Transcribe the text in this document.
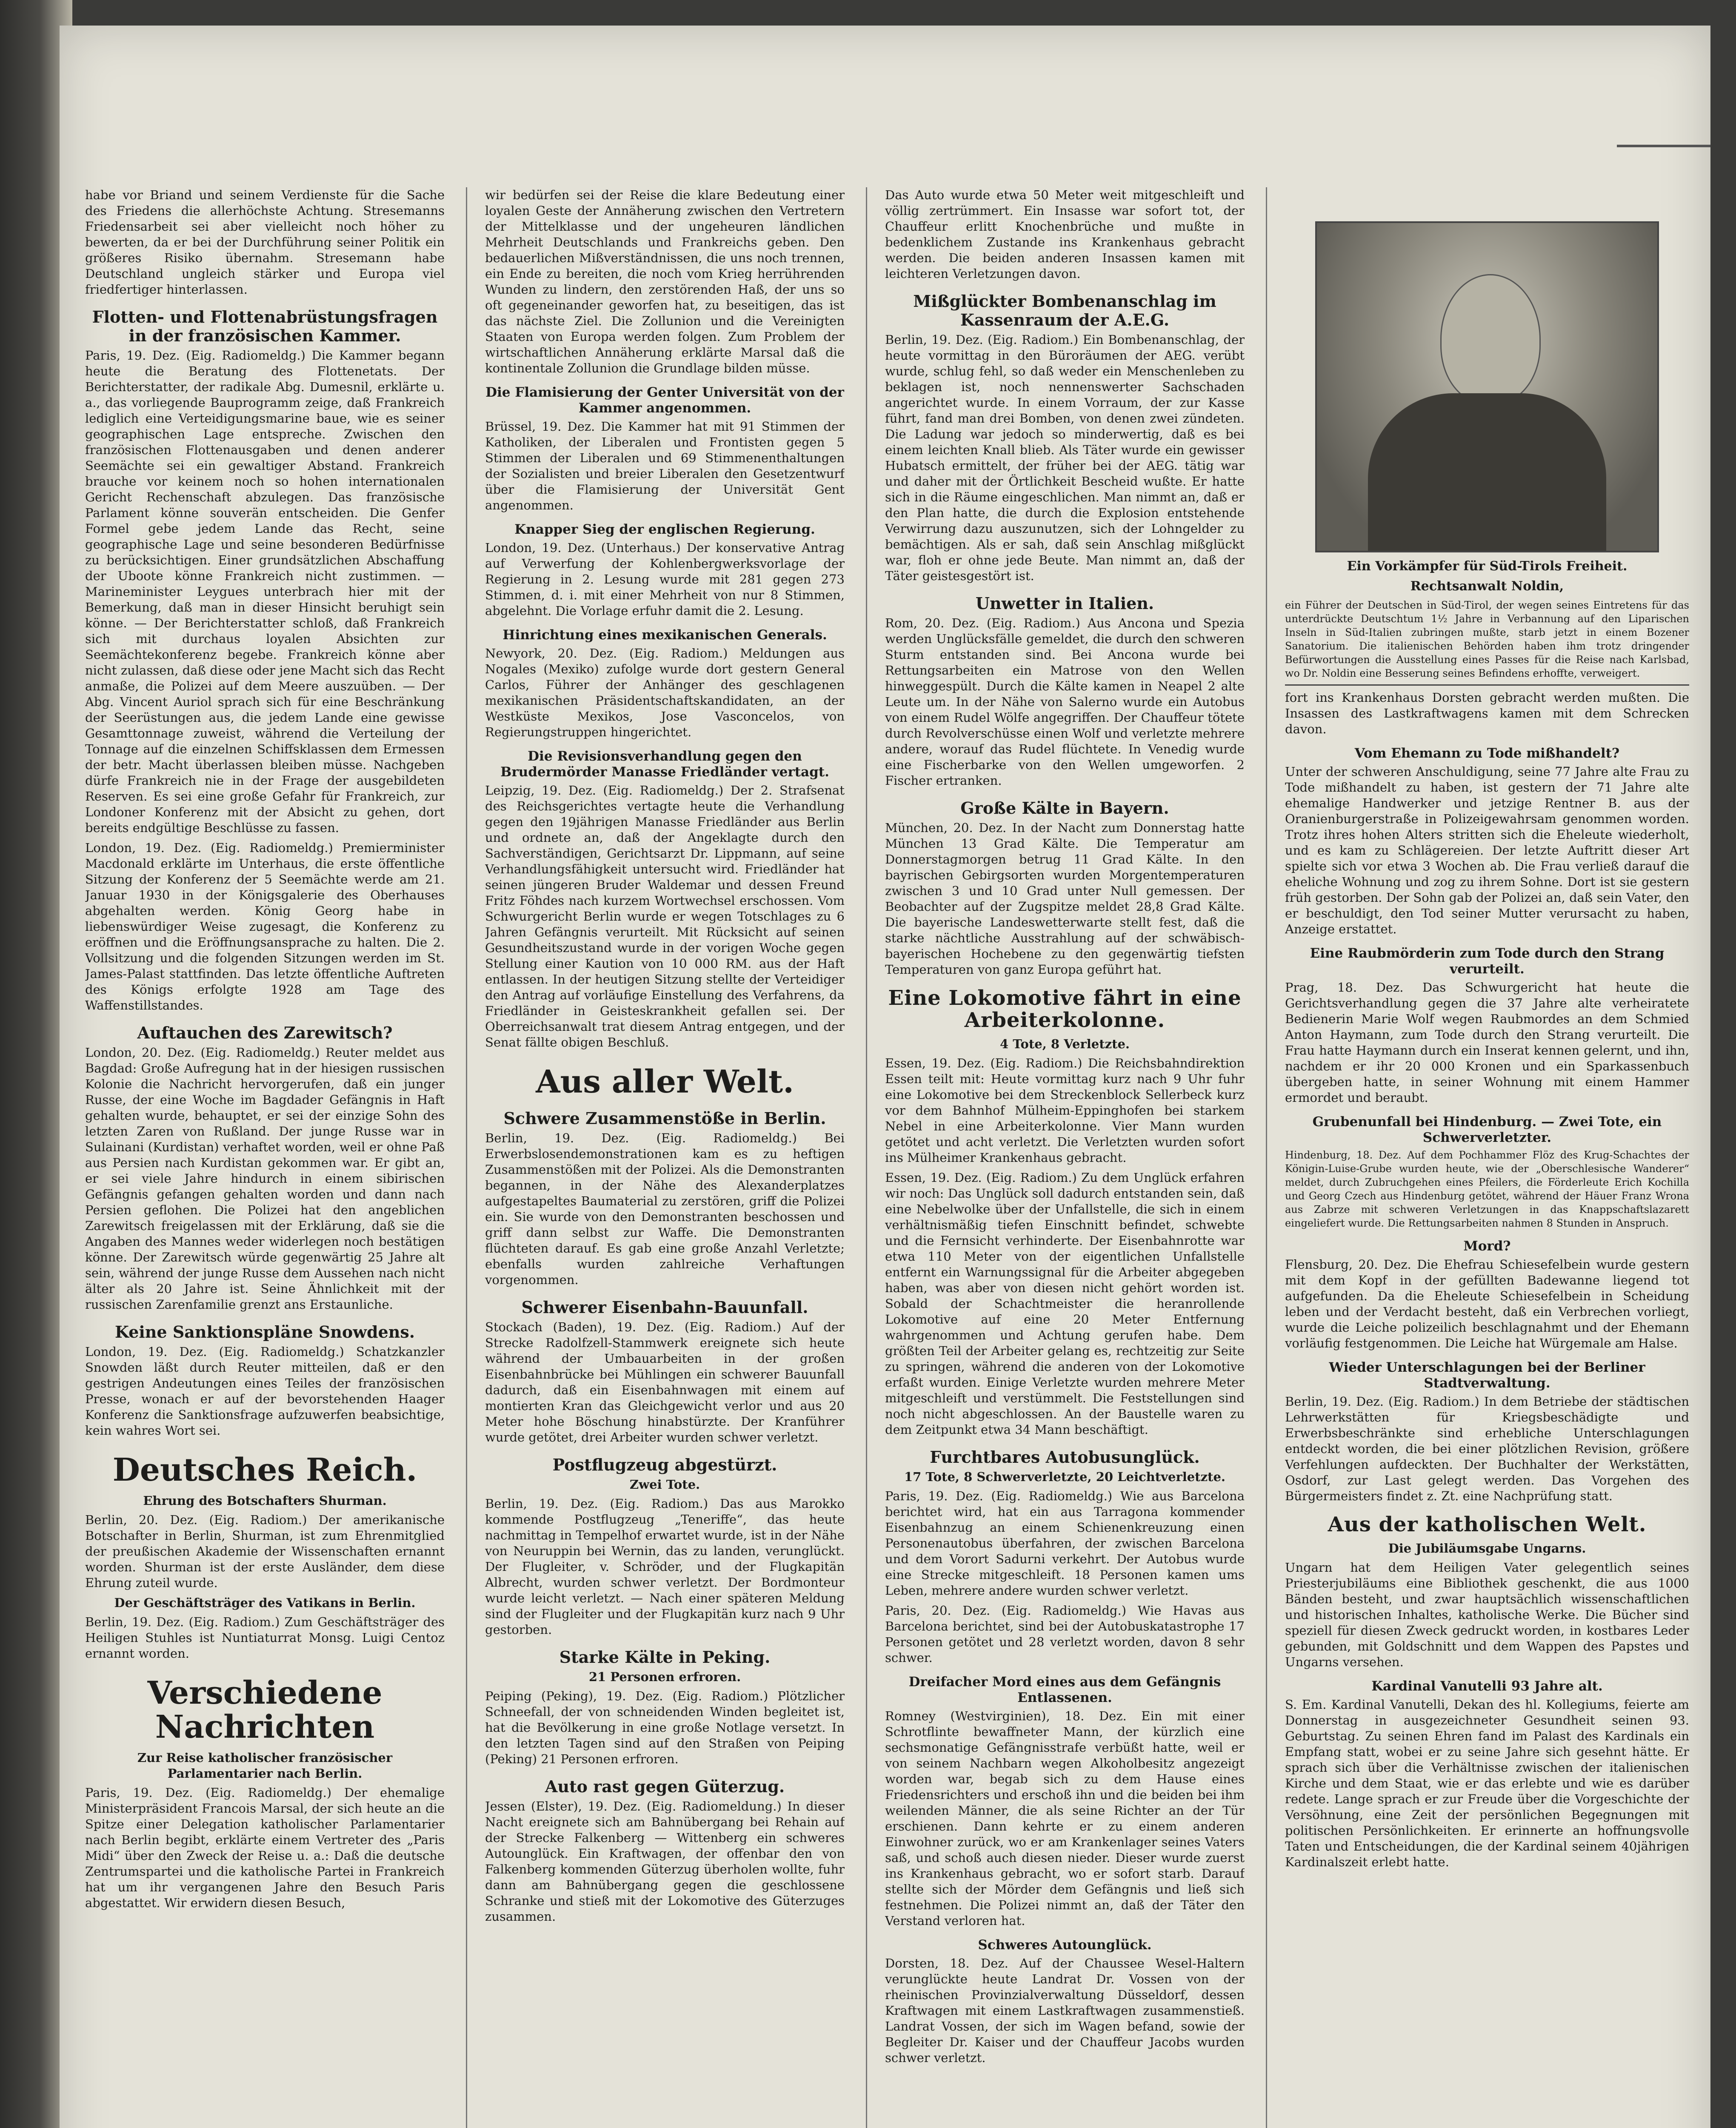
habe vor Briand und seinem Verdienste für die Sache des Friedens die allerhöchste Achtung. Stresemanns Friedensarbeit sei aber vielleicht noch höher zu bewerten, da er bei der Durchführung seiner Politik ein größeres Risiko übernahm. Stresemann habe Deutschland ungleich stärker und Europa viel friedfertiger hinterlassen.

Flotten- und Flottenabrüstungsfragen in der französischen Kammer.

Paris, 19. Dez. (Eig. Radiomeldg.) Die Kammer begann heute die Beratung des Flottenetats. Der Berichterstatter, der radikale Abg. Dumesnil, erklärte u. a., das vorliegende Bauprogramm zeige, daß Frankreich lediglich eine Verteidigungsmarine baue, wie es seiner geographischen Lage entspreche. Zwischen den französischen Flottenausgaben und denen anderer Seemächte sei ein gewaltiger Abstand. Frankreich brauche vor keinem noch so hohen internationalen Gericht Rechenschaft abzulegen. Das französische Parlament könne souverän entscheiden. Die Genfer Formel gebe jedem Lande das Recht, seine geographische Lage und seine besonderen Bedürfnisse zu berücksichtigen. Einer grundsätzlichen Abschaffung der Uboote könne Frankreich nicht zustimmen. — Marineminister Leygues unterbrach hier mit der Bemerkung, daß man in dieser Hinsicht beruhigt sein könne. — Der Berichterstatter schloß, daß Frankreich sich mit durchaus loyalen Absichten zur Seemächtekonferenz begebe. Frankreich könne aber nicht zulassen, daß diese oder jene Macht sich das Recht anmaße, die Polizei auf dem Meere auszuüben. — Der Abg. Vincent Auriol sprach sich für eine Beschränkung der Seerüstungen aus, die jedem Lande eine gewisse Gesamttonnage zuweist, während die Verteilung der Tonnage auf die einzelnen Schiffsklassen dem Ermessen der betr. Macht überlassen bleiben müsse. Nachgeben dürfe Frankreich nie in der Frage der ausgebildeten Reserven. Es sei eine große Gefahr für Frankreich, zur Londoner Konferenz mit der Absicht zu gehen, dort bereits endgültige Beschlüsse zu fassen.

London, 19. Dez. (Eig. Radiomeldg.) Premierminister Macdonald erklärte im Unterhaus, die erste öffentliche Sitzung der Konferenz der 5 Seemächte werde am 21. Januar 1930 in der Königsgalerie des Oberhauses abgehalten werden. König Georg habe in liebenswürdiger Weise zugesagt, die Konferenz zu eröffnen und die Eröffnungsansprache zu halten. Die 2. Vollsitzung und die folgenden Sitzungen werden im St. James-Palast stattfinden. Das letzte öffentliche Auftreten des Königs erfolgte 1928 am Tage des Waffenstillstandes.

Auftauchen des Zarewitsch?

London, 20. Dez. (Eig. Radiomeldg.) Reuter meldet aus Bagdad: Große Aufregung hat in der hiesigen russischen Kolonie die Nachricht hervorgerufen, daß ein junger Russe, der eine Woche im Bagdader Gefängnis in Haft gehalten wurde, behauptet, er sei der einzige Sohn des letzten Zaren von Rußland. Der junge Russe war in Sulainani (Kurdistan) verhaftet worden, weil er ohne Paß aus Persien nach Kurdistan gekommen war. Er gibt an, er sei viele Jahre hindurch in einem sibirischen Gefängnis gefangen gehalten worden und dann nach Persien geflohen. Die Polizei hat den angeblichen Zarewitsch freigelassen mit der Erklärung, daß sie die Angaben des Mannes weder widerlegen noch bestätigen könne. Der Zarewitsch würde gegenwärtig 25 Jahre alt sein, während der junge Russe dem Aussehen nach nicht älter als 20 Jahre ist. Seine Ähnlichkeit mit der russischen Zarenfamilie grenzt ans Erstaunliche.

Keine Sanktionspläne Snowdens.

London, 19. Dez. (Eig. Radiomeldg.) Schatzkanzler Snowden läßt durch Reuter mitteilen, daß er den gestrigen Andeutungen eines Teiles der französischen Presse, wonach er auf der bevorstehenden Haager Konferenz die Sanktionsfrage aufzuwerfen beabsichtige, kein wahres Wort sei.

Deutsches Reich.
Ehrung des Botschafters Shurman.

Berlin, 20. Dez. (Eig. Radiom.) Der amerikanische Botschafter in Berlin, Shurman, ist zum Ehrenmitglied der preußischen Akademie der Wissenschaften ernannt worden. Shurman ist der erste Ausländer, dem diese Ehrung zuteil wurde.

Der Geschäftsträger des Vatikans in Berlin.

Berlin, 19. Dez. (Eig. Radiom.) Zum Geschäftsträger des Heiligen Stuhles ist Nuntiaturrat Monsg. Luigi Centoz ernannt worden.

Verschiedene Nachrichten
Zur Reise katholischer französischer Parlamentarier nach Berlin.

Paris, 19. Dez. (Eig. Radiomeldg.) Der ehemalige Ministerpräsident Francois Marsal, der sich heute an die Spitze einer Delegation katholischer Parlamentarier nach Berlin begibt, erklärte einem Vertreter des „Paris Midi“ über den Zweck der Reise u. a.: Daß die deutsche Zentrumspartei und die katholische Partei in Frankreich hat um ihr vergangenen Jahre den Besuch Paris abgestattet. Wir erwidern diesen Besuch,

wir bedürfen sei der Reise die klare Bedeutung einer loyalen Geste der Annäherung zwischen den Vertretern der Mittelklasse und der ungeheuren ländlichen Mehrheit Deutschlands und Frankreichs geben. Den bedauerlichen Mißverständnissen, die uns noch trennen, ein Ende zu bereiten, die noch vom Krieg herrührenden Wunden zu lindern, den zerstörenden Haß, der uns so oft gegeneinander geworfen hat, zu beseitigen, das ist das nächste Ziel. Die Zollunion und die Vereinigten Staaten von Europa werden folgen. Zum Problem der wirtschaftlichen Annäherung erklärte Marsal daß die kontinentale Zollunion die Grundlage bilden müsse.

Die Flamisierung der Genter Universität von der Kammer angenommen.

Brüssel, 19. Dez. Die Kammer hat mit 91 Stimmen der Katholiken, der Liberalen und Frontisten gegen 5 Stimmen der Liberalen und 69 Stimmenenthaltungen der Sozialisten und breier Liberalen den Gesetzentwurf über die Flamisierung der Universität Gent angenommen.

Knapper Sieg der englischen Regierung.

London, 19. Dez. (Unterhaus.) Der konservative Antrag auf Verwerfung der Kohlenbergwerksvorlage der Regierung in 2. Lesung wurde mit 281 gegen 273 Stimmen, d. i. mit einer Mehrheit von nur 8 Stimmen, abgelehnt. Die Vorlage erfuhr damit die 2. Lesung.

Hinrichtung eines mexikanischen Generals.

Newyork, 20. Dez. (Eig. Radiom.) Meldungen aus Nogales (Mexiko) zufolge wurde dort gestern General Carlos, Führer der Anhänger des geschlagenen mexikanischen Präsidentschaftskandidaten, an der Westküste Mexikos, Jose Vasconcelos, von Regierungstruppen hingerichtet.

Die Revisionsverhandlung gegen den Brudermörder Manasse Friedländer vertagt.

Leipzig, 19. Dez. (Eig. Radiomeldg.) Der 2. Strafsenat des Reichsgerichtes vertagte heute die Verhandlung gegen den 19jährigen Manasse Friedländer aus Berlin und ordnete an, daß der Angeklagte durch den Sachverständigen, Gerichtsarzt Dr. Lippmann, auf seine Verhandlungsfähigkeit untersucht wird. Friedländer hat seinen jüngeren Bruder Waldemar und dessen Freund Fritz Föhdes nach kurzem Wortwechsel erschossen. Vom Schwurgericht Berlin wurde er wegen Totschlages zu 6 Jahren Gefängnis verurteilt. Mit Rücksicht auf seinen Gesundheitszustand wurde in der vorigen Woche gegen Stellung einer Kaution von 10 000 RM. aus der Haft entlassen. In der heutigen Sitzung stellte der Verteidiger den Antrag auf vorläufige Einstellung des Verfahrens, da Friedländer in Geisteskrankheit gefallen sei. Der Oberreichsanwalt trat diesem Antrag entgegen, und der Senat fällte obigen Beschluß.

Aus aller Welt.
Schwere Zusammenstöße in Berlin.

Berlin, 19. Dez. (Eig. Radiomeldg.) Bei Erwerbslosendemonstrationen kam es zu heftigen Zusammenstößen mit der Polizei. Als die Demonstranten begannen, in der Nähe des Alexanderplatzes aufgestapeltes Baumaterial zu zerstören, griff die Polizei ein. Sie wurde von den Demonstranten beschossen und griff dann selbst zur Waffe. Die Demonstranten flüchteten darauf. Es gab eine große Anzahl Verletzte; ebenfalls wurden zahlreiche Verhaftungen vorgenommen.

Schwerer Eisenbahn-Bauunfall.

Stockach (Baden), 19. Dez. (Eig. Radiom.) Auf der Strecke Radolfzell-Stammwerk ereignete sich heute während der Umbauarbeiten in der großen Eisenbahnbrücke bei Mühlingen ein schwerer Bauunfall dadurch, daß ein Eisenbahnwagen mit einem auf montierten Kran das Gleichgewicht verlor und aus 20 Meter hohe Böschung hinabstürzte. Der Kranführer wurde getötet, drei Arbeiter wurden schwer verletzt.

Postflugzeug abgestürzt.
Zwei Tote.

Berlin, 19. Dez. (Eig. Radiom.) Das aus Marokko kommende Postflugzeug „Teneriffe“, das heute nachmittag in Tempelhof erwartet wurde, ist in der Nähe von Neuruppin bei Wernin, das zu landen, verunglückt. Der Flugleiter, v. Schröder, und der Flugkapitän Albrecht, wurden schwer verletzt. Der Bordmonteur wurde leicht verletzt. — Nach einer späteren Meldung sind der Flugleiter und der Flugkapitän kurz nach 9 Uhr gestorben.

Starke Kälte in Peking.
21 Personen erfroren.

Peiping (Peking), 19. Dez. (Eig. Radiom.) Plötzlicher Schneefall, der von schneidenden Winden begleitet ist, hat die Bevölkerung in eine große Notlage versetzt. In den letzten Tagen sind auf den Straßen von Peiping (Peking) 21 Personen erfroren.

Auto rast gegen Güterzug.

Jessen (Elster), 19. Dez. (Eig. Radiomeldung.) In dieser Nacht ereignete sich am Bahnübergang bei Rehain auf der Strecke Falkenberg — Wittenberg ein schweres Autounglück. Ein Kraftwagen, der offenbar den von Falkenberg kommenden Güterzug überholen wollte, fuhr dann am Bahnübergang gegen die geschlossene Schranke und stieß mit der Lokomotive des Güterzuges zusammen.

Das Auto wurde etwa 50 Meter weit mitgeschleift und völlig zertrümmert. Ein Insasse war sofort tot, der Chauffeur erlitt Knochenbrüche und mußte in bedenklichem Zustande ins Krankenhaus gebracht werden. Die beiden anderen Insassen kamen mit leichteren Verletzungen davon.

Mißglückter Bombenanschlag im Kassenraum der A.E.G.

Berlin, 19. Dez. (Eig. Radiom.) Ein Bombenanschlag, der heute vormittag in den Büroräumen der AEG. verübt wurde, schlug fehl, so daß weder ein Menschenleben zu beklagen ist, noch nennenswerter Sachschaden angerichtet wurde. In einem Vorraum, der zur Kasse führt, fand man drei Bomben, von denen zwei zündeten. Die Ladung war jedoch so minderwertig, daß es bei einem leichten Knall blieb. Als Täter wurde ein gewisser Hubatsch ermittelt, der früher bei der AEG. tätig war und daher mit der Örtlichkeit Bescheid wußte. Er hatte sich in die Räume eingeschlichen. Man nimmt an, daß er den Plan hatte, die durch die Explosion entstehende Verwirrung dazu auszunutzen, sich der Lohngelder zu bemächtigen. Als er sah, daß sein Anschlag mißglückt war, floh er ohne jede Beute. Man nimmt an, daß der Täter geistesgestört ist.

Unwetter in Italien.

Rom, 20. Dez. (Eig. Radiom.) Aus Ancona und Spezia werden Unglücksfälle gemeldet, die durch den schweren Sturm entstanden sind. Bei Ancona wurde bei Rettungsarbeiten ein Matrose von den Wellen hinweggespült. Durch die Kälte kamen in Neapel 2 alte Leute um. In der Nähe von Salerno wurde ein Autobus von einem Rudel Wölfe angegriffen. Der Chauffeur tötete durch Revolverschüsse einen Wolf und verletzte mehrere andere, worauf das Rudel flüchtete. In Venedig wurde eine Fischerbarke von den Wellen umgeworfen. 2 Fischer ertranken.

Große Kälte in Bayern.

München, 20. Dez. In der Nacht zum Donnerstag hatte München 13 Grad Kälte. Die Temperatur am Donnerstagmorgen betrug 11 Grad Kälte. In den bayrischen Gebirgsorten wurden Morgentemperaturen zwischen 3 und 10 Grad unter Null gemessen. Der Beobachter auf der Zugspitze meldet 28,8 Grad Kälte. Die bayerische Landeswetterwarte stellt fest, daß die starke nächtliche Ausstrahlung auf der schwäbisch-bayerischen Hochebene zu den gegenwärtig tiefsten Temperaturen von ganz Europa geführt hat.

Eine Lokomotive fährt in eine Arbeiterkolonne.
4 Tote, 8 Verletzte.

Essen, 19. Dez. (Eig. Radiom.) Die Reichsbahndirektion Essen teilt mit: Heute vormittag kurz nach 9 Uhr fuhr eine Lokomotive bei dem Streckenblock Sellerbeck kurz vor dem Bahnhof Mülheim-Eppinghofen bei starkem Nebel in eine Arbeiterkolonne. Vier Mann wurden getötet und acht verletzt. Die Verletzten wurden sofort ins Mülheimer Krankenhaus gebracht.

Essen, 19. Dez. (Eig. Radiom.) Zu dem Unglück erfahren wir noch: Das Unglück soll dadurch entstanden sein, daß eine Nebelwolke über der Unfallstelle, die sich in einem verhältnismäßig tiefen Einschnitt befindet, schwebte und die Fernsicht verhinderte. Der Eisenbahnrotte war etwa 110 Meter von der eigentlichen Unfallstelle entfernt ein Warnungssignal für die Arbeiter abgegeben haben, was aber von diesen nicht gehört worden ist. Sobald der Schachtmeister die heranrollende Lokomotive auf eine 20 Meter Entfernung wahrgenommen und Achtung gerufen habe. Dem größten Teil der Arbeiter gelang es, rechtzeitig zur Seite zu springen, während die anderen von der Lokomotive erfaßt wurden. Einige Verletzte wurden mehrere Meter mitgeschleift und verstümmelt. Die Feststellungen sind noch nicht abgeschlossen. An der Baustelle waren zu dem Zeitpunkt etwa 34 Mann beschäftigt.

Furchtbares Autobusunglück.
17 Tote, 8 Schwerverletzte, 20 Leichtverletzte.

Paris, 19. Dez. (Eig. Radiomeldg.) Wie aus Barcelona berichtet wird, hat ein aus Tarragona kommender Eisenbahnzug an einem Schienenkreuzung einen Personenautobus überfahren, der zwischen Barcelona und dem Vorort Sadurni verkehrt. Der Autobus wurde eine Strecke mitgeschleift. 18 Personen kamen ums Leben, mehrere andere wurden schwer verletzt.

Paris, 20. Dez. (Eig. Radiomeldg.) Wie Havas aus Barcelona berichtet, sind bei der Autobuskatastrophe 17 Personen getötet und 28 verletzt worden, davon 8 sehr schwer.

Dreifacher Mord eines aus dem Gefängnis Entlassenen.

Romney (Westvirginien), 18. Dez. Ein mit einer Schrotflinte bewaffneter Mann, der kürzlich eine sechsmonatige Gefängnisstrafe verbüßt hatte, weil er von seinem Nachbarn wegen Alkoholbesitz angezeigt worden war, begab sich zu dem Hause eines Friedensrichters und erschoß ihn und die beiden bei ihm weilenden Männer, die als seine Richter an der Tür erschienen. Dann kehrte er zu einem anderen Einwohner zurück, wo er am Krankenlager seines Vaters saß, und schoß auch diesen nieder. Dieser wurde zuerst ins Krankenhaus gebracht, wo er sofort starb. Darauf stellte sich der Mörder dem Gefängnis und ließ sich festnehmen. Die Polizei nimmt an, daß der Täter den Verstand verloren hat.

Schweres Autounglück.

Dorsten, 18. Dez. Auf der Chaussee Wesel-Haltern verunglückte heute Landrat Dr. Vossen von der rheinischen Provinzialverwaltung Düsseldorf, dessen Kraftwagen mit einem Lastkraftwagen zusammenstieß. Landrat Vossen, der sich im Wagen befand, sowie der Begleiter Dr. Kaiser und der Chauffeur Jacobs wurden schwer verletzt.

Ein Vorkämpfer für Süd-Tirols Freiheit.

Rechtsanwalt Noldin,

ein Führer der Deutschen in Süd-Tirol, der wegen seines Eintretens für das unterdrückte Deutschtum 1½ Jahre in Verbannung auf den Liparischen Inseln in Süd-Italien zubringen mußte, starb jetzt in einem Bozener Sanatorium. Die italienischen Behörden haben ihm trotz dringender Befürwortungen die Ausstellung eines Passes für die Reise nach Karlsbad, wo Dr. Noldin eine Besserung seines Befindens erhoffte, verweigert.

fort ins Krankenhaus Dorsten gebracht werden mußten. Die Insassen des Lastkraftwagens kamen mit dem Schrecken davon.

Vom Ehemann zu Tode mißhandelt?

Unter der schweren Anschuldigung, seine 77 Jahre alte Frau zu Tode mißhandelt zu haben, ist gestern der 71 Jahre alte ehemalige Handwerker und jetzige Rentner B. aus der Oranienburgerstraße in Polizeigewahrsam genommen worden. Trotz ihres hohen Alters stritten sich die Eheleute wiederholt, und es kam zu Schlägereien. Der letzte Auftritt dieser Art spielte sich vor etwa 3 Wochen ab. Die Frau verließ darauf die eheliche Wohnung und zog zu ihrem Sohne. Dort ist sie gestern früh gestorben. Der Sohn gab der Polizei an, daß sein Vater, den er beschuldigt, den Tod seiner Mutter verursacht zu haben, Anzeige erstattet.

Eine Raubmörderin zum Tode durch den Strang verurteilt.

Prag, 18. Dez. Das Schwurgericht hat heute die Gerichtsverhandlung gegen die 37 Jahre alte verheiratete Bedienerin Marie Wolf wegen Raubmordes an dem Schmied Anton Haymann, zum Tode durch den Strang verurteilt. Die Frau hatte Haymann durch ein Inserat kennen gelernt, und ihn, nachdem er ihr 20 000 Kronen und ein Sparkassenbuch übergeben hatte, in seiner Wohnung mit einem Hammer ermordet und beraubt.

Grubenunfall bei Hindenburg. — Zwei Tote, ein Schwerverletzter.

Hindenburg, 18. Dez. Auf dem Pochhammer Flöz des Krug-Schachtes der Königin-Luise-Grube wurden heute, wie der „Oberschlesische Wanderer“ meldet, durch Zubruchgehen eines Pfeilers, die Förderleute Erich Kochilla und Georg Czech aus Hindenburg getötet, während der Häuer Franz Wrona aus Zabrze mit schweren Verletzungen in das Knappschaftslazarett eingeliefert wurde. Die Rettungsarbeiten nahmen 8 Stunden in Anspruch.

Mord?

Flensburg, 20. Dez. Die Ehefrau Schiesefelbein wurde gestern mit dem Kopf in der gefüllten Badewanne liegend tot aufgefunden. Da die Eheleute Schiesefelbein in Scheidung leben und der Verdacht besteht, daß ein Verbrechen vorliegt, wurde die Leiche polizeilich beschlagnahmt und der Ehemann vorläufig festgenommen. Die Leiche hat Würgemale am Halse.

Wieder Unterschlagungen bei der Berliner Stadtverwaltung.

Berlin, 19. Dez. (Eig. Radiom.) In dem Betriebe der städtischen Lehrwerkstätten für Kriegsbeschädigte und Erwerbsbeschränkte sind erhebliche Unterschlagungen entdeckt worden, die bei einer plötzlichen Revision, größere Verfehlungen aufdeckten. Der Buchhalter der Werkstätten, Osdorf, zur Last gelegt werden. Das Vorgehen des Bürgermeisters findet z. Zt. eine Nachprüfung statt.

Aus der katholischen Welt.
Die Jubiläumsgabe Ungarns.

Ungarn hat dem Heiligen Vater gelegentlich seines Priesterjubiläums eine Bibliothek geschenkt, die aus 1000 Bänden besteht, und zwar hauptsächlich wissenschaftlichen und historischen Inhaltes, katholische Werke. Die Bücher sind speziell für diesen Zweck gedruckt worden, in kostbares Leder gebunden, mit Goldschnitt und dem Wappen des Papstes und Ungarns versehen.

Kardinal Vanutelli 93 Jahre alt.

S. Em. Kardinal Vanutelli, Dekan des hl. Kollegiums, feierte am Donnerstag in ausgezeichneter Gesundheit seinen 93. Geburtstag. Zu seinen Ehren fand im Palast des Kardinals ein Empfang statt, wobei er zu seine Jahre sich gesehnt hätte. Er sprach sich über die Verhältnisse zwischen der italienischen Kirche und dem Staat, wie er das erlebte und wie es darüber redete. Lange sprach er zur Freude über die Vorgeschichte der Versöhnung, eine Zeit der persönlichen Begegnungen mit politischen Persönlichkeiten. Er erinnerte an hoffnungsvolle Taten und Entscheidungen, die der Kardinal seinem 40jährigen Kardinalszeit erlebt hatte.
